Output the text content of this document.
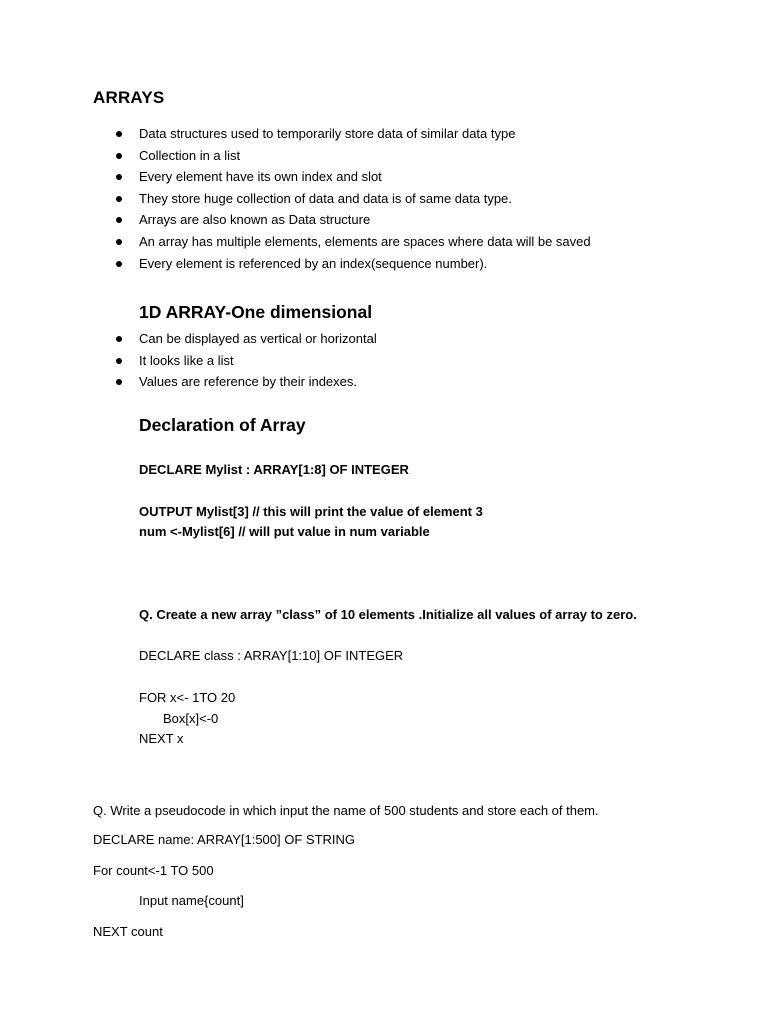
ARRAYS
Data structures used to temporarily store data of similar data type
Collection in a list
Every element have its own index and slot
They store huge collection of data and data is of same data type.
Arrays are also known as Data structure
An array has multiple elements, elements are spaces where data will be saved
Every element is referenced by an index(sequence number).
1D ARRAY-One dimensional
Can be displayed as vertical or horizontal
It looks like a list
Values are reference by their indexes.
Declaration of Array
DECLARE Mylist : ARRAY[1:8] OF INTEGER
OUTPUT Mylist[3] // this will print the value of element 3
num <-Mylist[6] // will put value in num variable
Q. Create a new array ”class” of 10 elements .Initialize all values of array to zero.
DECLARE class : ARRAY[1:10] OF INTEGER
FOR x<- 1TO 20
Box[x]<-0
NEXT x
Q. Write a pseudocode in which input the name of 500 students and store each of them.
DECLARE name: ARRAY[1:500] OF STRING
For count<-1 TO 500
Input name{count]
NEXT count
